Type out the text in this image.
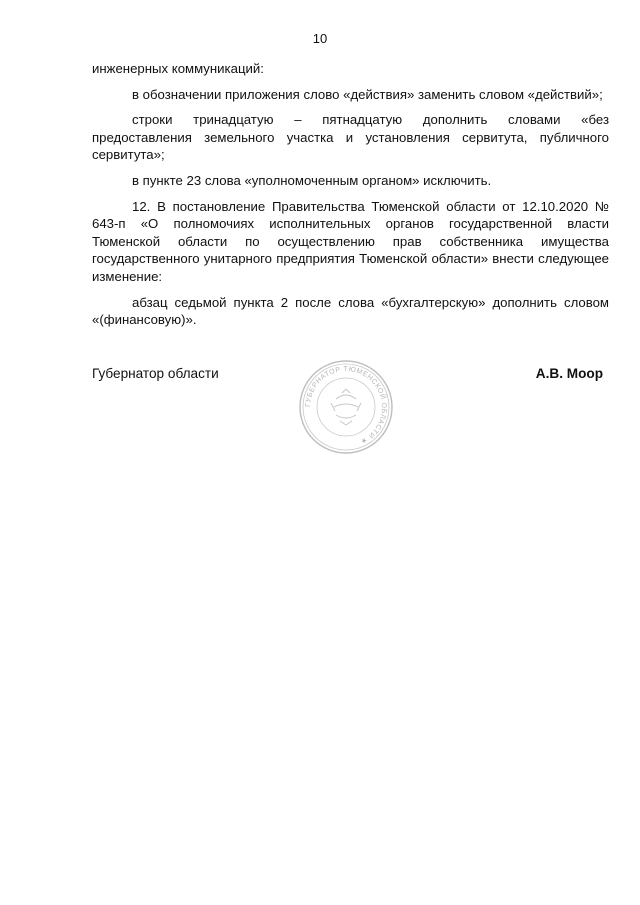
10

инженерных коммуникаций:

в обозначении приложения слово «действия» заменить словом «действий»;

строки тринадцатую – пятнадцатую дополнить словами «без предоставления земельного участка и установления сервитута, публичного сервитута»;

в пункте 23 слова «уполномоченным органом» исключить.

12. В постановление Правительства Тюменской области от 12.10.2020 № 643-п «О полномочиях исполнительных органов государственной власти Тюменской области по осуществлению прав собственника имущества государственного унитарного предприятия Тюменской области» внести следующее изменение:

абзац седьмой пункта 2 после слова «бухгалтерскую» дополнить словом «(финансовую)».

Губернатор области	А.В. Моор
ГУБЕРНАТОР ТЮМЕНСКОЙ ОБЛАСТИ ★
